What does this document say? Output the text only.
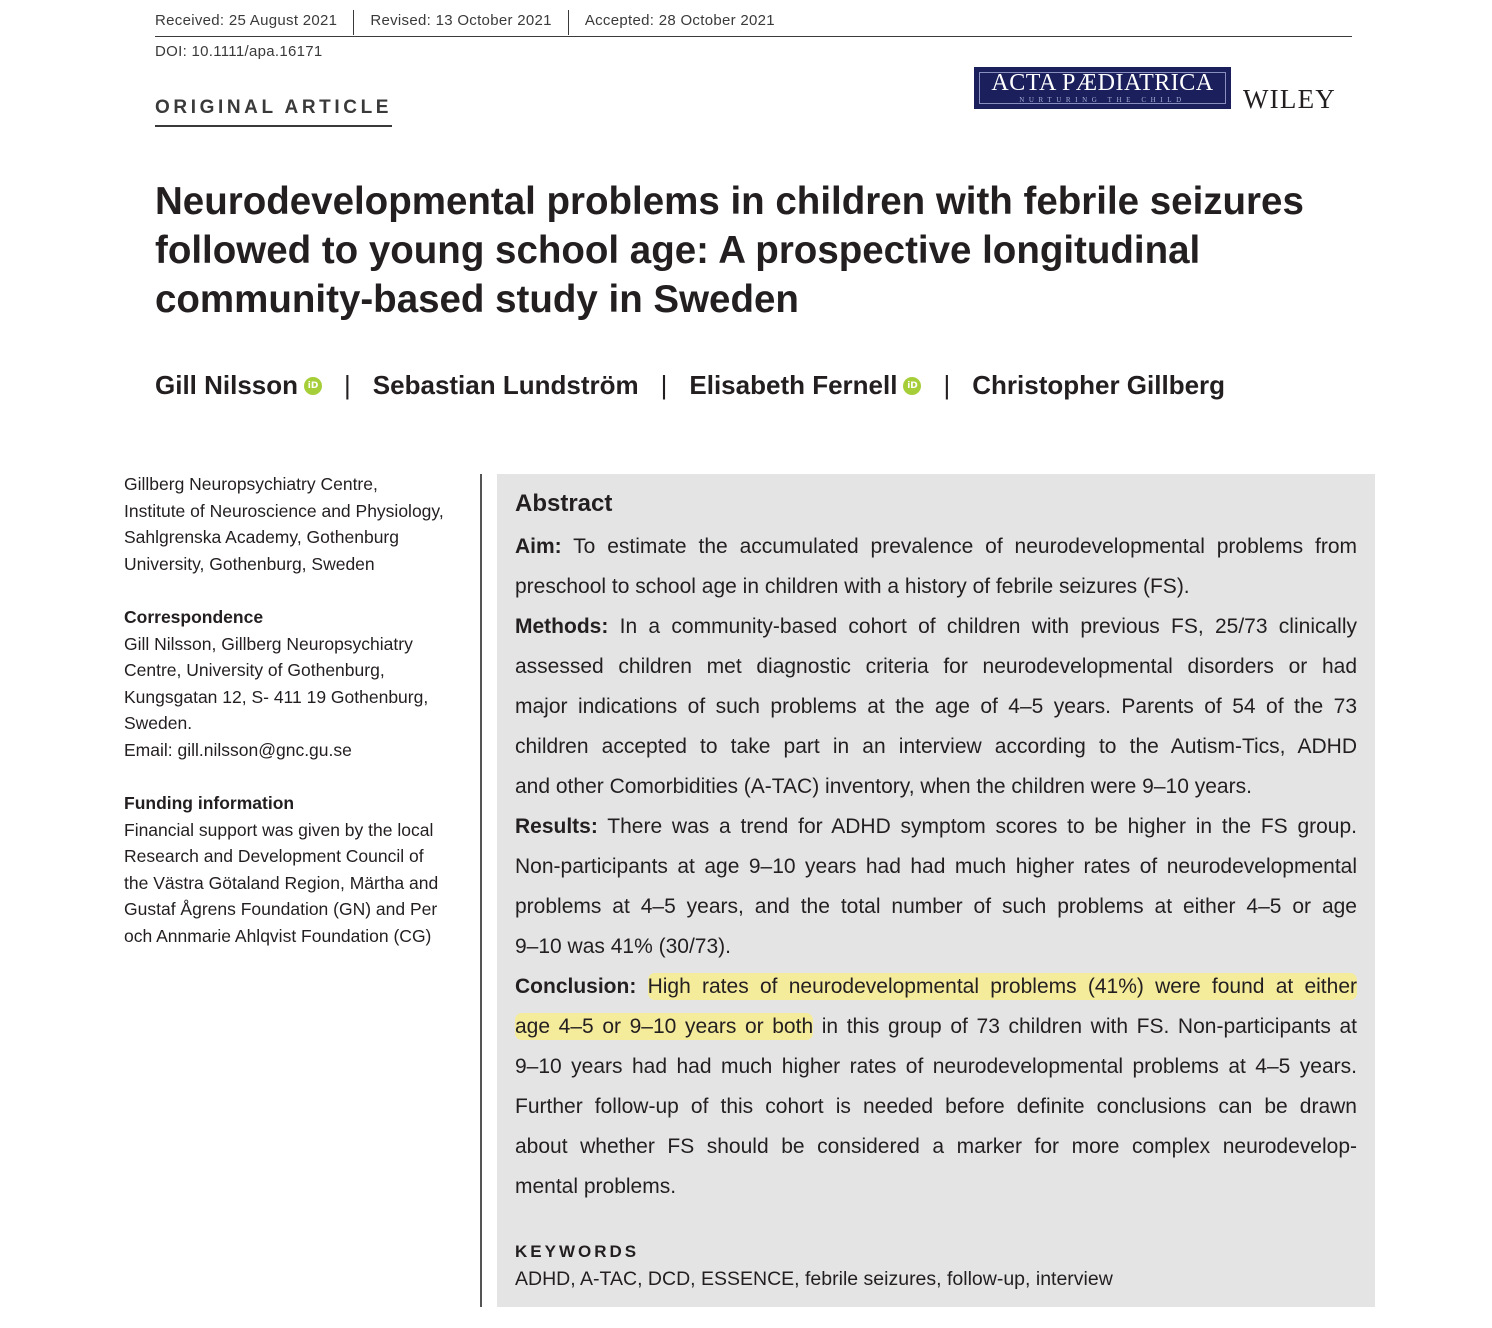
Received: 25 August 2021 Revised: 13 October 2021 Accepted: 28 October 2021
DOI: 10.1111/apa.16171
ORIGINAL ARTICLE
ACTA PÆDIATRICA
NURTURING THE CHILD	WILEY
Neurodevelopmental problems in children with febrile seizures followed to young school age: A prospective longitudinal community-based study in Sweden
Gill Nilsson	iD | Sebastian Lundström | Elisabeth Fernell	iD | Christopher Gillberg
Gillberg Neuropsychiatry Centre,
Institute of Neuroscience and Physiology,
Sahlgrenska Academy, Gothenburg
University, Gothenburg, Sweden
Correspondence
Gill Nilsson, Gillberg Neuropsychiatry
Centre, University of Gothenburg,
Kungsgatan 12, S- 411 19 Gothenburg,
Sweden.
Email: gill.nilsson@gnc.gu.se
Funding information
Financial support was given by the local
Research and Development Council of
the Västra Götaland Region, Märtha and
Gustaf Ågrens Foundation (GN) and Per
och Annmarie Ahlqvist Foundation (CG)
Abstract
Aim: To estimate the accumulated prevalence of neurodevelopmental problems from
preschool to school age in children with a history of febrile seizures (FS).
Methods: In a community-based cohort of children with previous FS, 25/73 clinically
assessed children met diagnostic criteria for neurodevelopmental disorders or had
major indications of such problems at the age of 4–5 years. Parents of 54 of the 73
children accepted to take part in an interview according to the Autism-Tics, ADHD
and other Comorbidities (A-TAC) inventory, when the children were 9–10 years.
Results: There was a trend for ADHD symptom scores to be higher in the FS group.
Non-participants at age 9–10 years had had much higher rates of neurodevelopmental
problems at 4–5 years, and the total number of such problems at either 4–5 or age
9–10 was 41% (30/73).
Conclusion: High rates of neurodevelopmental problems (41%) were found at either
age 4–5 or 9–10 years or both in this group of 73 children with FS. Non-participants at
9–10 years had had much higher rates of neurodevelopmental problems at 4–5 years.
Further follow-up of this cohort is needed before definite conclusions can be drawn
about whether FS should be considered a marker for more complex neurodevelop-
mental problems.
KEYWORDS
ADHD, A-TAC, DCD, ESSENCE, febrile seizures, follow-up, interview
